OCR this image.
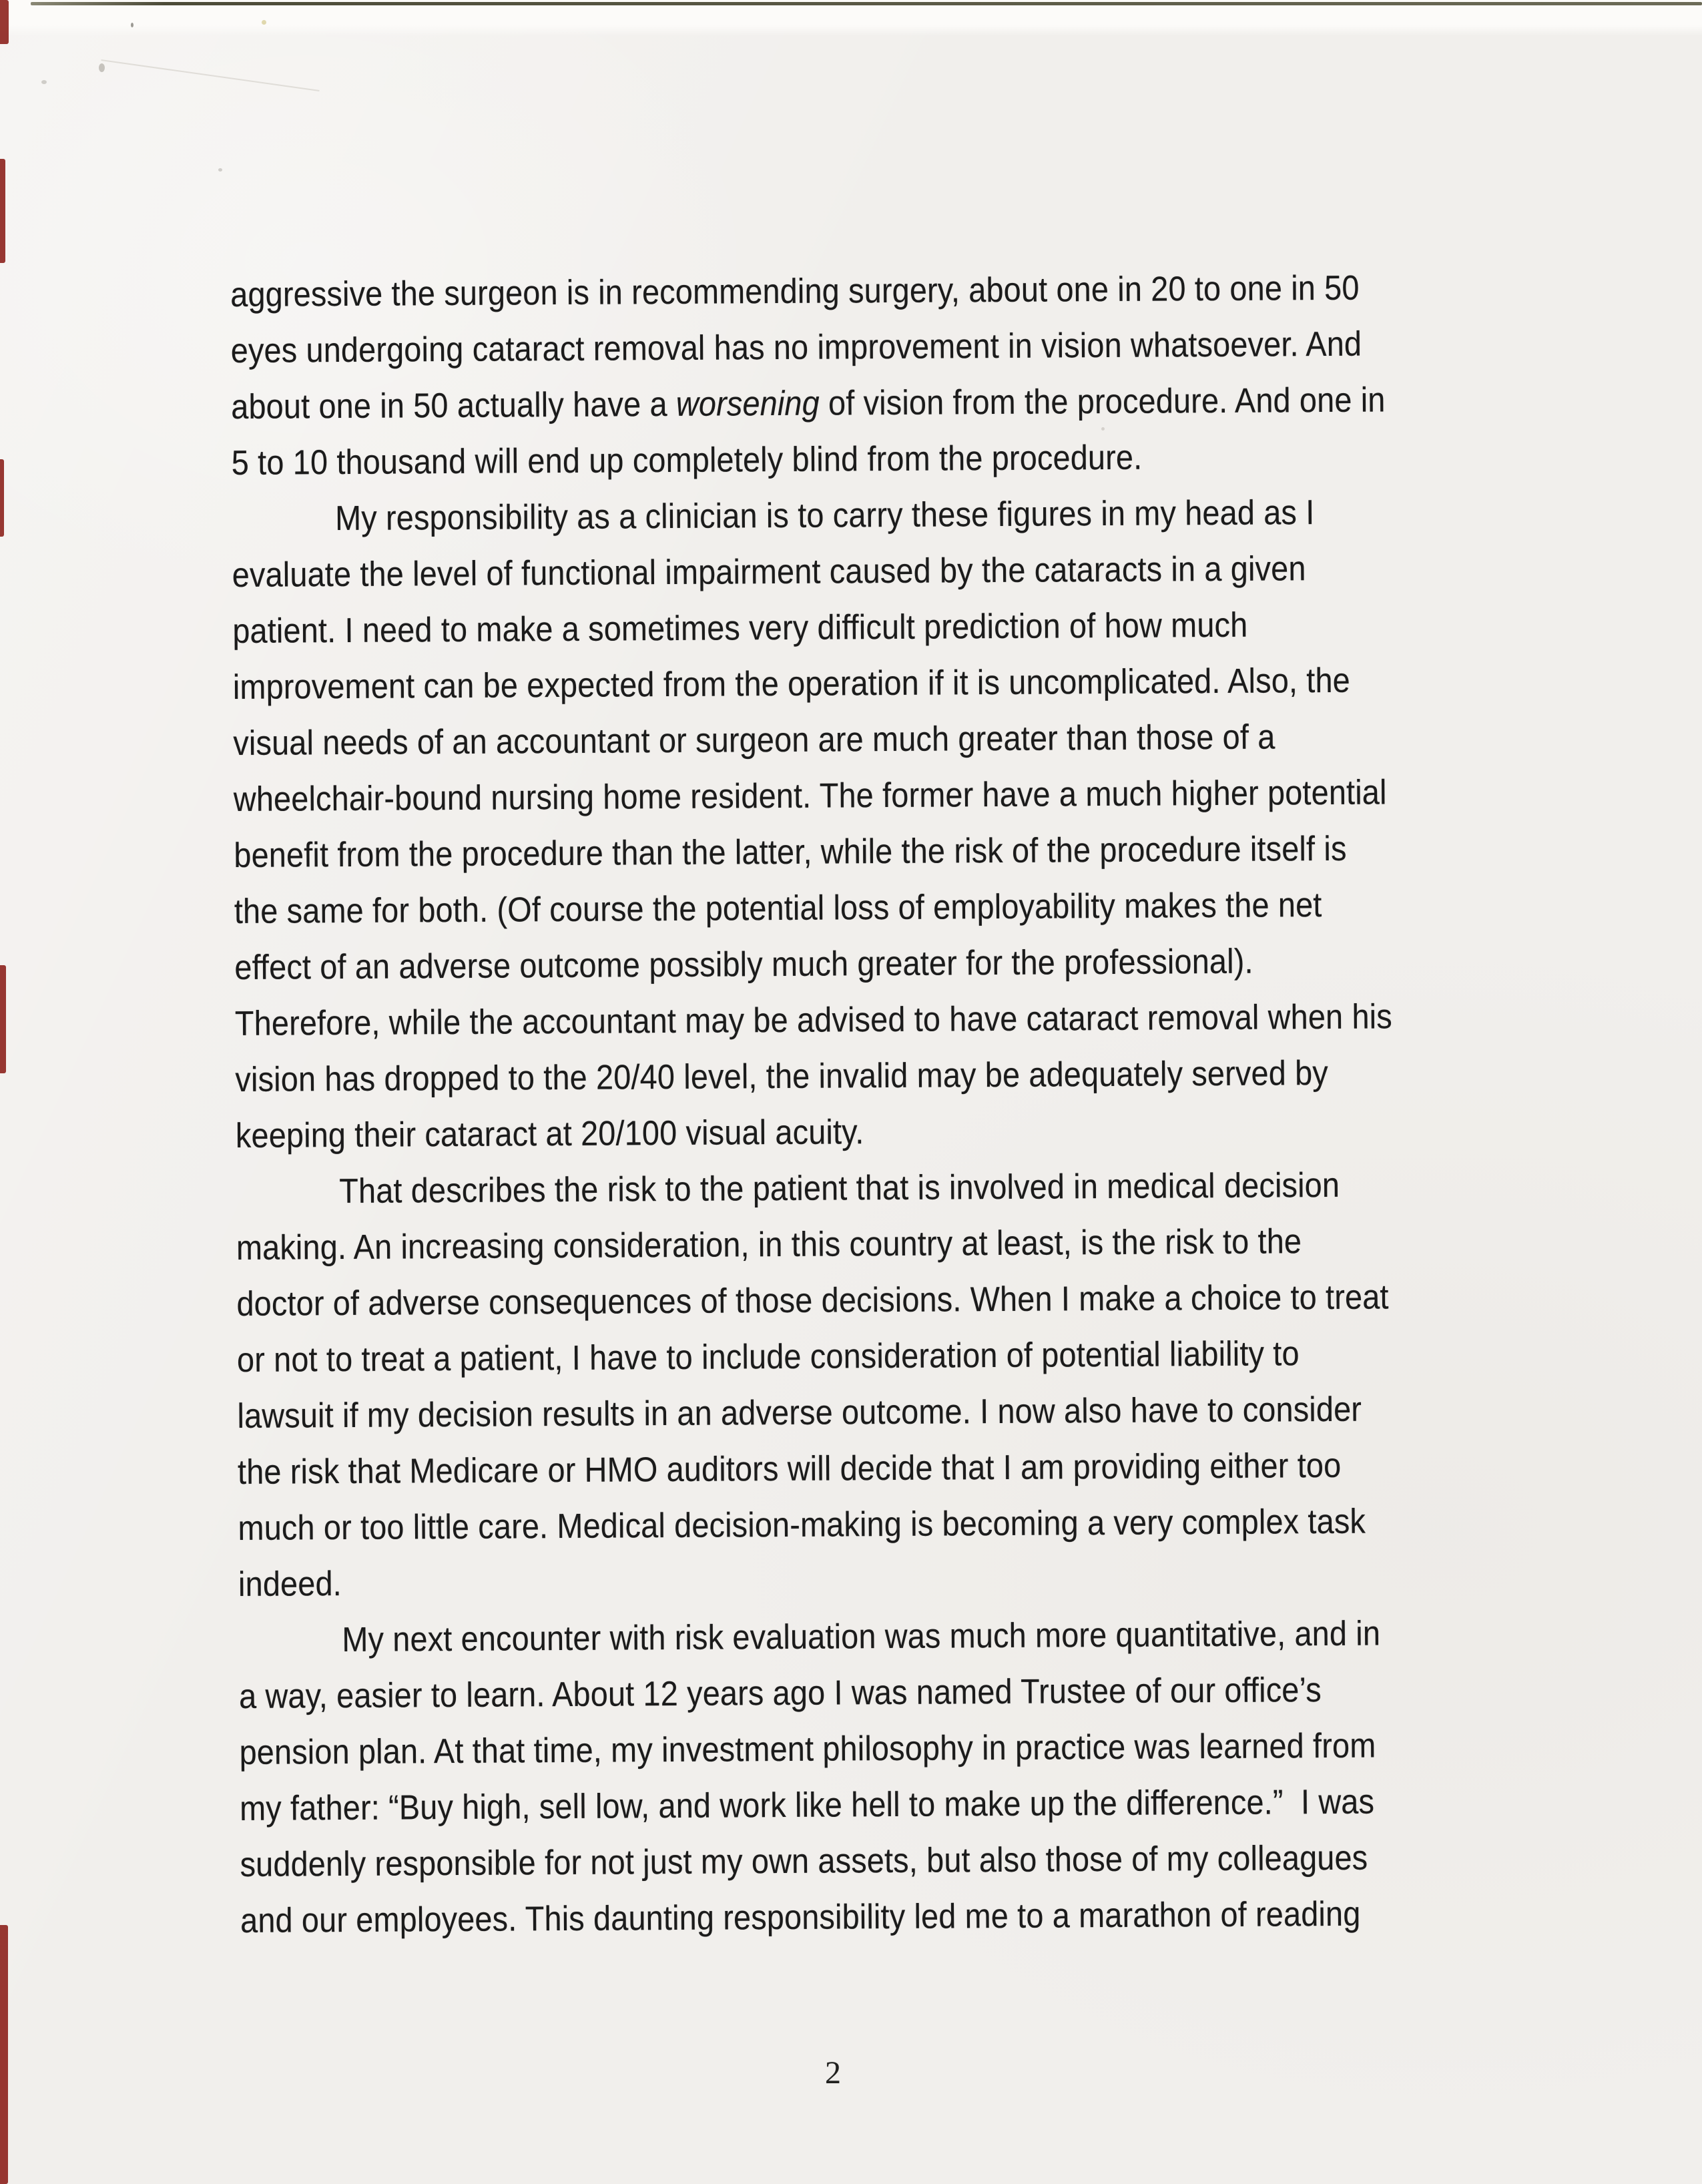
aggressive the surgeon is in recommending surgery, about one in 20 to one in 50
eyes undergoing cataract removal has no improvement in vision whatsoever. And
about one in 50 actually have a worsening of vision from the procedure. And one in
5 to 10 thousand will end up completely blind from the procedure.
My responsibility as a clinician is to carry these figures in my head as I
evaluate the level of functional impairment caused by the cataracts in a given
patient. I need to make a sometimes very difficult prediction of how much
improvement can be expected from the operation if it is uncomplicated. Also, the
visual needs of an accountant or surgeon are much greater than those of a
wheelchair-bound nursing home resident. The former have a much higher potential
benefit from the procedure than the latter, while the risk of the procedure itself is
the same for both. (Of course the potential loss of employability makes the net
effect of an adverse outcome possibly much greater for the professional).
Therefore, while the accountant may be advised to have cataract removal when his
vision has dropped to the 20/40 level, the invalid may be adequately served by
keeping their cataract at 20/100 visual acuity.
That describes the risk to the patient that is involved in medical decision
making. An increasing consideration, in this country at least, is the risk to the
doctor of adverse consequences of those decisions. When I make a choice to treat
or not to treat a patient, I have to include consideration of potential liability to
lawsuit if my decision results in an adverse outcome. I now also have to consider
the risk that Medicare or HMO auditors will decide that I am providing either too
much or too little care. Medical decision-making is becoming a very complex task
indeed.
My next encounter with risk evaluation was much more quantitative, and in
a way, easier to learn. About 12 years ago I was named Trustee of our office’s
pension plan. At that time, my investment philosophy in practice was learned from
my father: “Buy high, sell low, and work like hell to make up the difference.”  I was
suddenly responsible for not just my own assets, but also those of my colleagues
and our employees. This daunting responsibility led me to a marathon of reading
2
